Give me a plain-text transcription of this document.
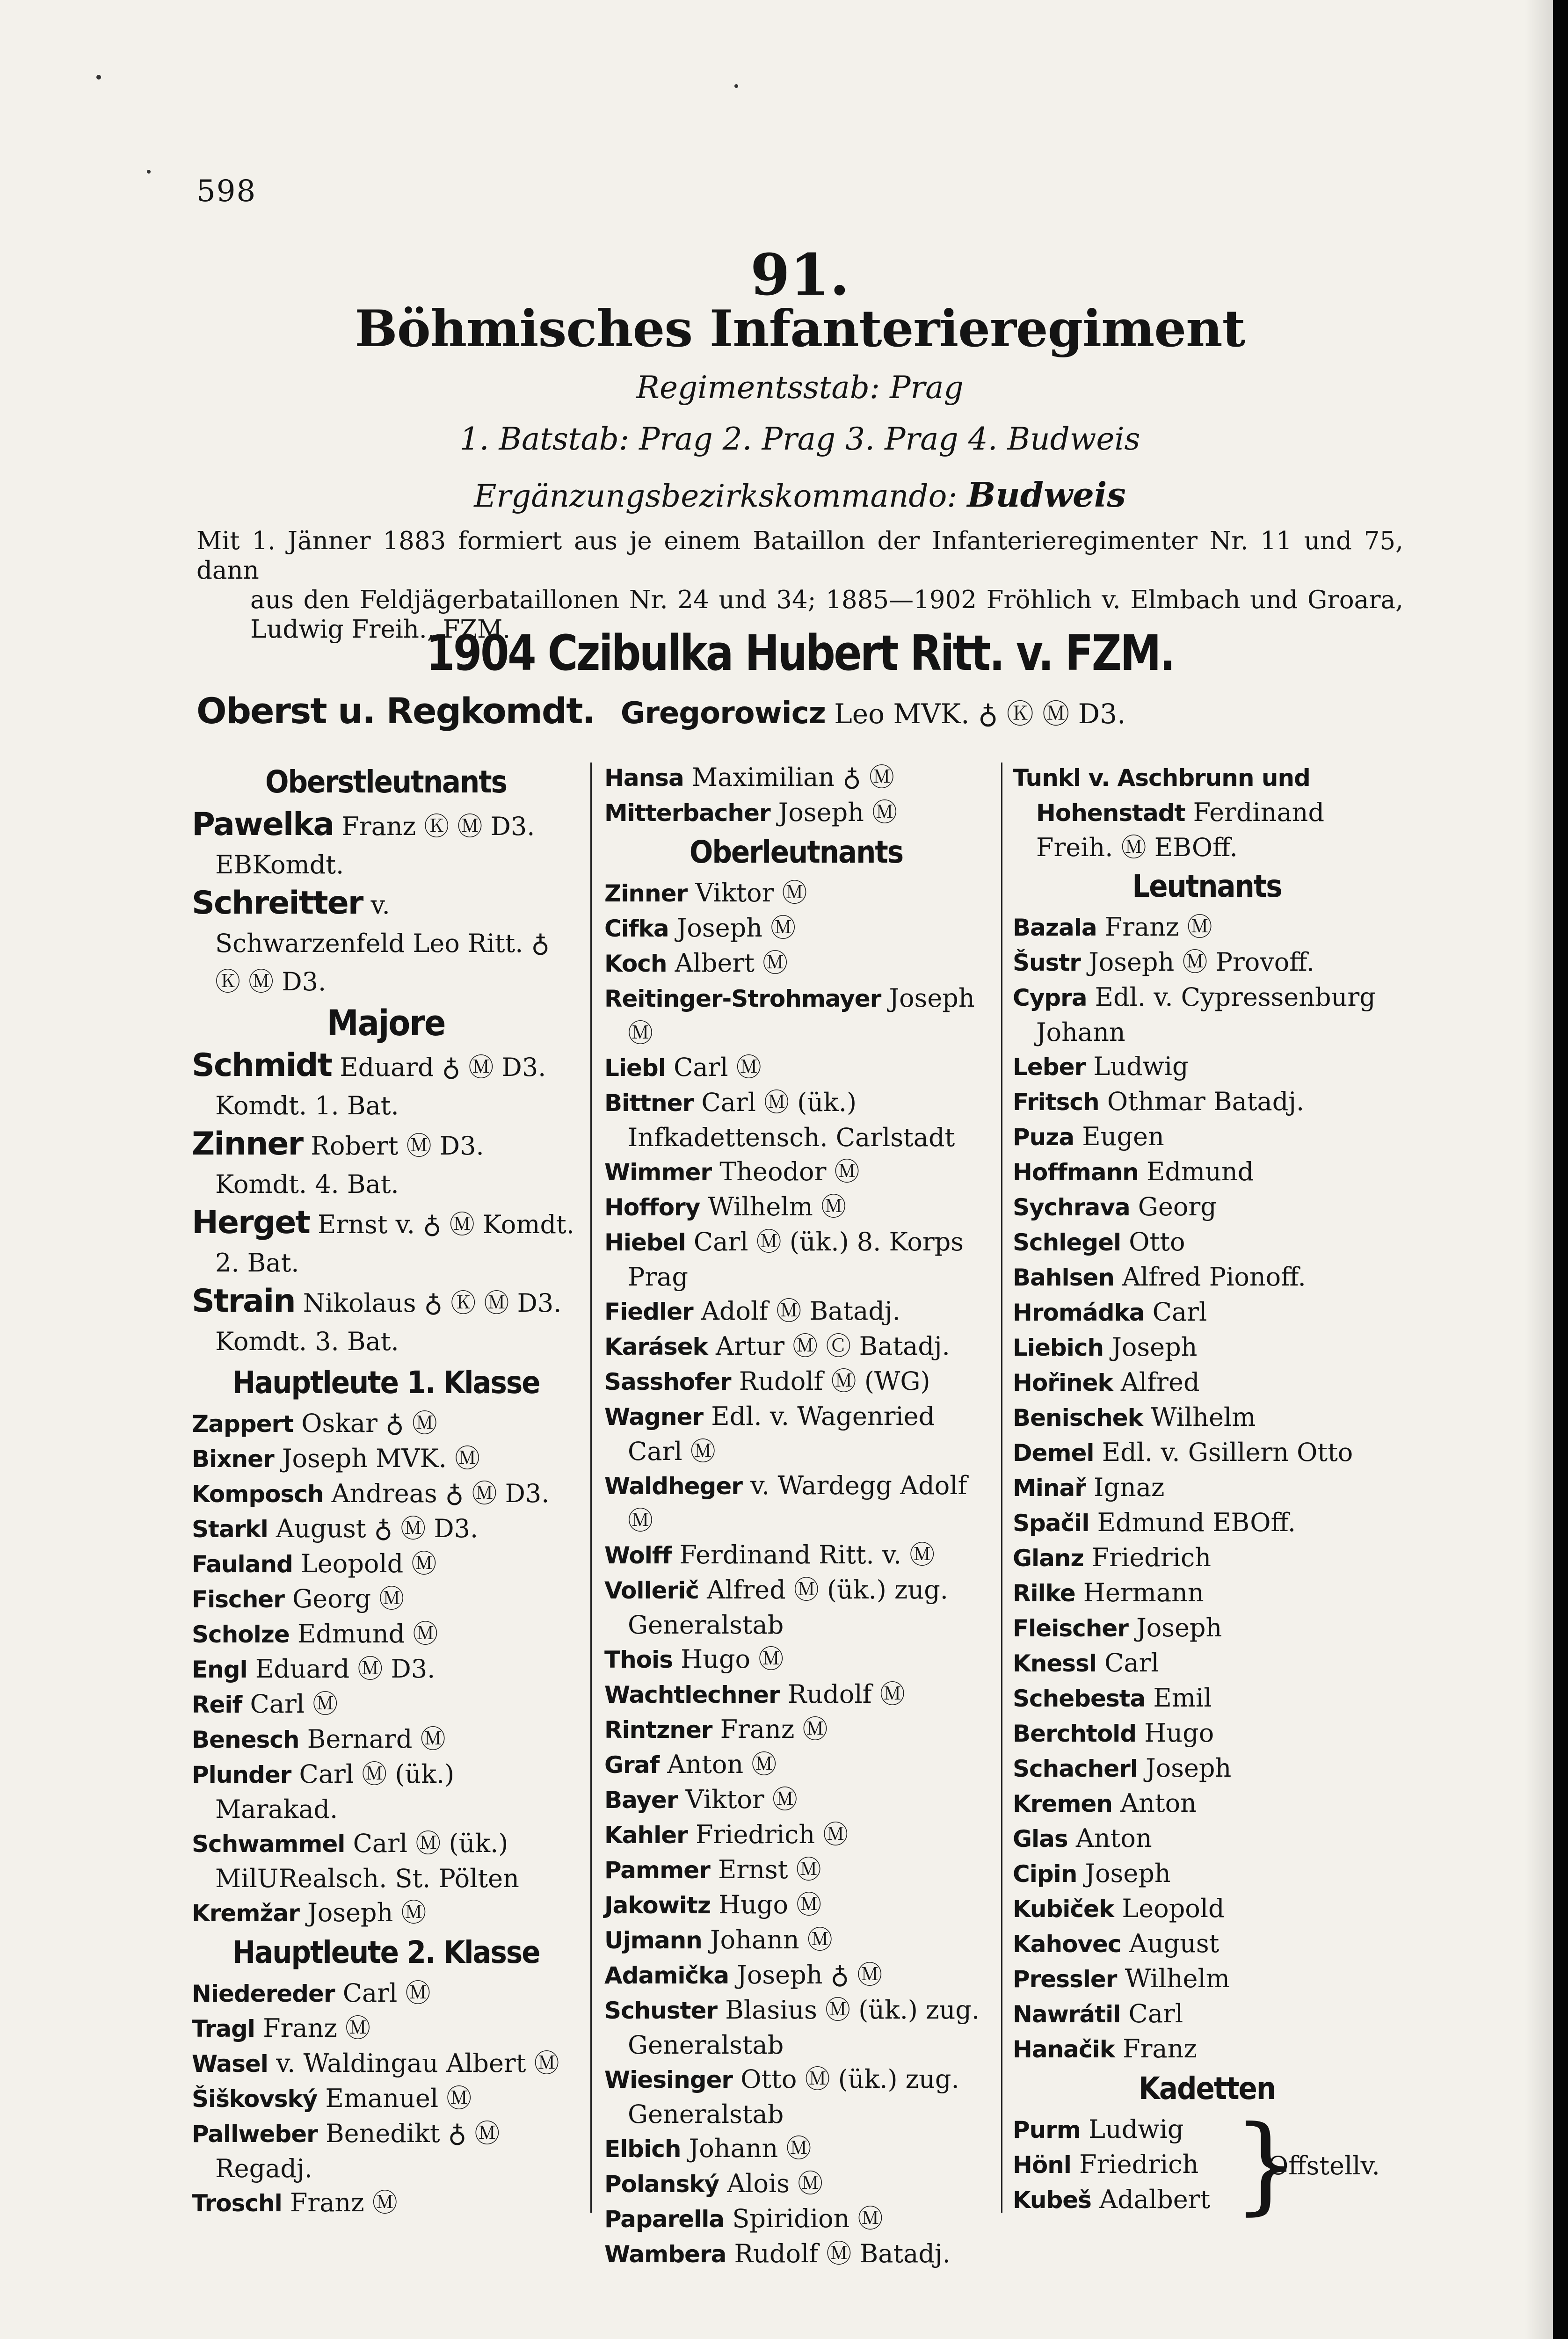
598
91.
Böhmisches Infanterieregiment
Regimentsstab: Prag
1. Batstab: Prag 2. Prag 3. Prag 4. Budweis
Ergänzungsbezirkskommando: Budweis
Mit 1. Jänner 1883 formiert aus je einem Bataillon der Infanterieregimenter Nr. 11 und 75, dann
aus den Feldjägerbataillonen Nr. 24 und 34; 1885—1902 Fröhlich v. Elmbach und Groara, Ludwig Freih., FZM.
1904 Czibulka Hubert Ritt. v. FZM.
Oberst u. Regkomdt. Gregorowicz Leo MVK. ♁ Ⓚ Ⓜ D3.
Oberstleutnants
Pawelka Franz Ⓚ Ⓜ D3. EBKomdt.
Schreitter v. Schwarzenfeld Leo Ritt. ♁ Ⓚ Ⓜ D3.
Majore
Schmidt Eduard ♁ Ⓜ D3. Komdt. 1. Bat.
Zinner Robert Ⓜ D3. Komdt. 4. Bat.
Herget Ernst v. ♁ Ⓜ Komdt. 2. Bat.
Strain Nikolaus ♁ Ⓚ Ⓜ D3. Komdt. 3. Bat.
Hauptleute 1. Klasse
Zappert Oskar ♁ Ⓜ
Bixner Joseph MVK. Ⓜ
Komposch Andreas ♁ Ⓜ D3.
Starkl August ♁ Ⓜ D3.
Fauland Leopold Ⓜ
Fischer Georg Ⓜ
Scholze Edmund Ⓜ
Engl Eduard Ⓜ D3.
Reif Carl Ⓜ
Benesch Bernard Ⓜ
Plunder Carl Ⓜ (ük.) Marakad.
Schwammel Carl Ⓜ (ük.) MilURealsch. St. Pölten
Kremžar Joseph Ⓜ
Hauptleute 2. Klasse
Niedereder Carl Ⓜ
Tragl Franz Ⓜ
Wasel v. Waldingau Albert Ⓜ
Šiškovský Emanuel Ⓜ
Pallweber Benedikt ♁ Ⓜ Regadj.
Troschl Franz Ⓜ
Hansa Maximilian ♁ Ⓜ
Mitterbacher Joseph Ⓜ
Oberleutnants
Zinner Viktor Ⓜ
Cifka Joseph Ⓜ
Koch Albert Ⓜ
Reitinger-Strohmayer Joseph Ⓜ
Liebl Carl Ⓜ
Bittner Carl Ⓜ (ük.) Infkadettensch. Carlstadt
Wimmer Theodor Ⓜ
Hoffory Wilhelm Ⓜ
Hiebel Carl Ⓜ (ük.) 8. Korps Prag
Fiedler Adolf Ⓜ Batadj.
Karásek Artur Ⓜ Ⓒ Batadj.
Sasshofer Rudolf Ⓜ (WG)
Wagner Edl. v. Wagenried Carl Ⓜ
Waldheger v. Wardegg Adolf Ⓜ
Wolff Ferdinand Ritt. v. Ⓜ
Vollerič Alfred Ⓜ (ük.) zug. Generalstab
Thois Hugo Ⓜ
Wachtlechner Rudolf Ⓜ
Rintzner Franz Ⓜ
Graf Anton Ⓜ
Bayer Viktor Ⓜ
Kahler Friedrich Ⓜ
Pammer Ernst Ⓜ
Jakowitz Hugo Ⓜ
Ujmann Johann Ⓜ
Adamička Joseph ♁ Ⓜ
Schuster Blasius Ⓜ (ük.) zug. Generalstab
Wiesinger Otto Ⓜ (ük.) zug. Generalstab
Elbich Johann Ⓜ
Polanský Alois Ⓜ
Paparella Spiridion Ⓜ
Wambera Rudolf Ⓜ Batadj.
Tunkl v. Aschbrunn und Hohenstadt Ferdinand Freih. Ⓜ EBOff.
Leutnants
Bazala Franz Ⓜ
Šustr Joseph Ⓜ Provoff.
Cypra Edl. v. Cypressenburg Johann
Leber Ludwig
Fritsch Othmar Batadj.
Puza Eugen
Hoffmann Edmund
Sychrava Georg
Schlegel Otto
Bahlsen Alfred Pionoff.
Hromádka Carl
Liebich Joseph
Hořinek Alfred
Benischek Wilhelm
Demel Edl. v. Gsillern Otto
Minař Ignaz
Spačil Edmund EBOff.
Glanz Friedrich
Rilke Hermann
Fleischer Joseph
Knessl Carl
Schebesta Emil
Berchtold Hugo
Schacherl Joseph
Kremen Anton
Glas Anton
Cipin Joseph
Kubiček Leopold
Kahovec August
Pressler Wilhelm
Nawrátil Carl
Hanačik Franz
Kadetten
Purm Ludwig
Hönl Friedrich
Kubeš Adalbert }
Offstellv.
